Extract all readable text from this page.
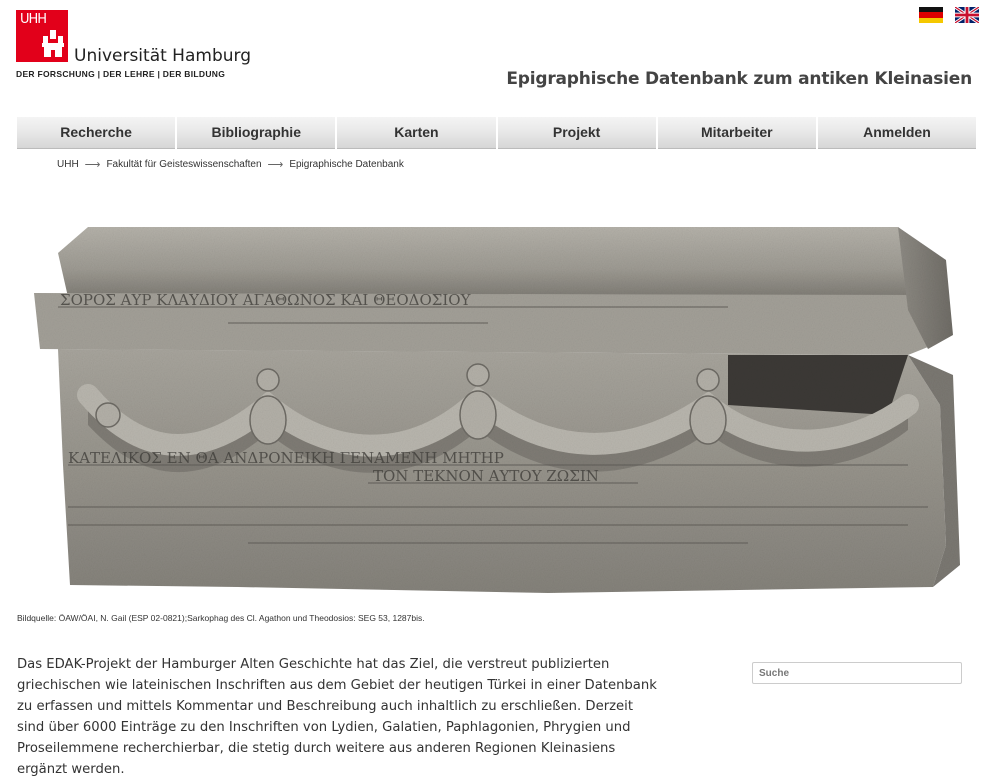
UHH
Universität Hamburg
DER FORSCHUNG | DER LEHRE | DER BILDUNG	Epigraphische Datenbank zum antiken Kleinasien
Recherche	Bibliographie	Karten	Projekt	Mitarbeiter	Anmelden
UHH ⟶ Fakultät für Geisteswissenschaften ⟶ Epigraphische Datenbank
ΣΟΡΟΣ ΑΥΡ ΚΛΑΥΔΙΟΥ ΑΓΑΘΩΝΟΣ ΚΑΙ ΘΕΟΔΟΣΙΟΥ
ΚΑΤΕΛΙΚΟΣ ΕΝ ΘΑ ΑΝΔΡΟΝΕΙΚΗ ΓΕΝΑΜΕΝΗ ΜΗΤΗΡ
ΤΟΝ ΤΕΚΝΟΝ ΑΥΤΟΥ ΖΩΣΙΝ
Bildquelle: ÖAW/ÖAI, N. Gail (ESP 02-0821);Sarkophag des Cl. Agathon und Theodosios: SEG 53, 1287bis.
Das EDAK-Projekt der Hamburger Alten Geschichte hat das Ziel, die verstreut publizierten griechischen wie lateinischen Inschriften aus dem Gebiet der heutigen Türkei in einer Datenbank zu erfassen und mittels Kommentar und Beschreibung auch inhaltlich zu erschließen. Derzeit sind über 6000 Einträge zu den Inschriften von Lydien, Galatien, Paphlagonien, Phrygien und Proseilemmene recherchierbar, die stetig durch weitere aus anderen Regionen Kleinasiens ergänzt werden.
Suche
